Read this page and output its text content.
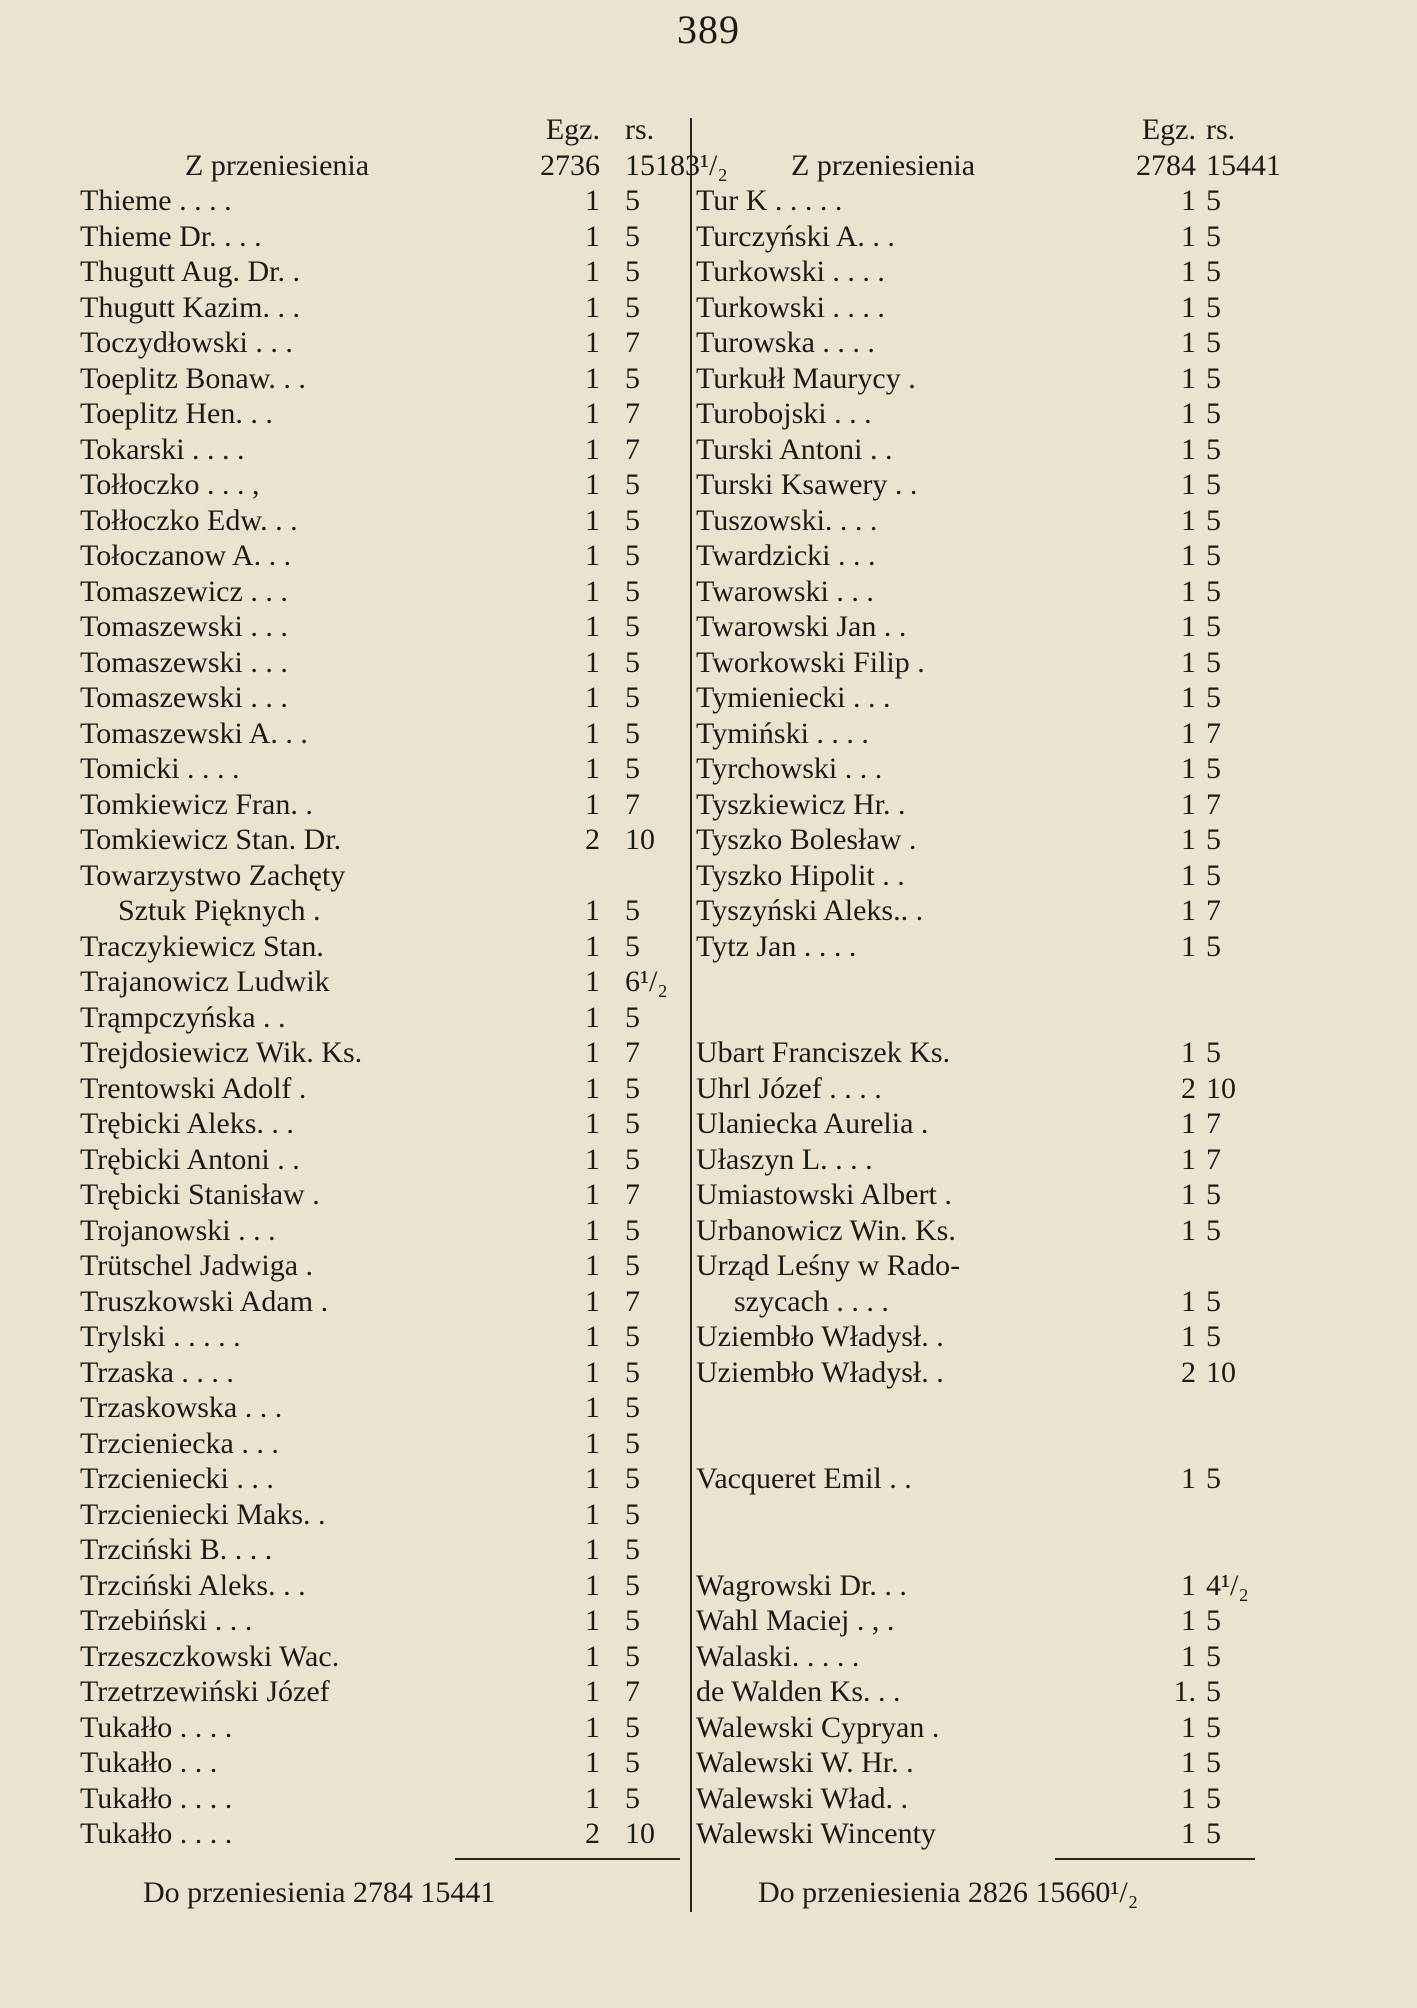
389
Egz. rs.
Z przeniesienia	2736 15183¹/₂
Thieme . . . .	1 5
Thieme Dr. . . .	1 5
Thugutt Aug. Dr. .	1 5
Thugutt Kazim. . .	1 5
Toczydłowski . . .	1 7
Toeplitz Bonaw. . .	1 5
Toeplitz Hen. . .	1 7
Tokarski . . . .	1 7
Tołłoczko . . . ,	1 5
Tołłoczko Edw. . .	1 5
Tołoczanow A. . .	1 5
Tomaszewicz . . .	1 5
Tomaszewski . . .	1 5
Tomaszewski . . .	1 5
Tomaszewski . . .	1 5
Tomaszewski A. . .	1 5
Tomicki . . . .	1 5
Tomkiewicz Fran. .	1 7
Tomkiewicz Stan. Dr.	2 10
Towarzystwo Zachęty
Sztuk Pięknych .	1 5
Traczykiewicz Stan.	1 5
Trajanowicz Ludwik	1 6¹/₂
Trąmpczyńska . .	1 5
Trejdosiewicz Wik. Ks.	1 7
Trentowski Adolf .	1 5
Trębicki Aleks. . .	1 5
Trębicki Antoni . .	1 5
Trębicki Stanisław .	1 7
Trojanowski . . .	1 5
Trütschel Jadwiga .	1 5
Truszkowski Adam .	1 7
Trylski . . . . .	1 5
Trzaska . . . .	1 5
Trzaskowska . . .	1 5
Trzcieniecka . . .	1 5
Trzcieniecki . . .	1 5
Trzcieniecki Maks. .	1 5
Trzciński B. . . .	1 5
Trzciński Aleks. . .	1 5
Trzebiński . . .	1 5
Trzeszczkowski Wac.	1 5
Trzetrzewiński Józef	1 7
Tukałło . . . .	1 5
Tukałło . . .	1 5
Tukałło . . . .	1 5
Tukałło . . . .	2 10
Egz. rs.
Z przeniesienia	2784 15441
Tur K . . . . .	1 5
Turczyński A. . .	1 5
Turkowski . . . .	1 5
Turkowski . . . .	1 5
Turowska . . . .	1 5
Turkułł Maurycy .	1 5
Turobojski . . .	1 5
Turski Antoni . .	1 5
Turski Ksawery . .	1 5
Tuszowski. . . .	1 5
Twardzicki . . .	1 5
Twarowski . . .	1 5
Twarowski Jan . .	1 5
Tworkowski Filip .	1 5
Tymieniecki . . .	1 5
Tymiński . . . .	1 7
Tyrchowski . . .	1 5
Tyszkiewicz Hr. .	1 7
Tyszko Bolesław .	1 5
Tyszko Hipolit . .	1 5
Tyszyński Aleks.. .	1 7
Tytz Jan . . . .	1 5
Ubart Franciszek Ks.	1 5
Uhrl Józef . . . .	2 10
Ulaniecka Aurelia .	1 7
Ułaszyn L. . . .	1 7
Umiastowski Albert .	1 5
Urbanowicz Win. Ks.	1 5
Urząd Leśny w Rado-
szycach . . . .	1 5
Uziembło Władysł. .	1 5
Uziembło Władysł. .	2 10
Vacqueret Emil . .	1 5
Wagrowski Dr. . .	1 4¹/₂
Wahl Maciej . , .	1 5
Walaski. . . . .	1 5
de Walden Ks. . .	1. 5
Walewski Cypryan .	1 5
Walewski W. Hr. .	1 5
Walewski Wład. .	1 5
Walewski Wincenty	1 5
Do przeniesienia 2784 15441	Do przeniesienia 2826 15660¹/₂
